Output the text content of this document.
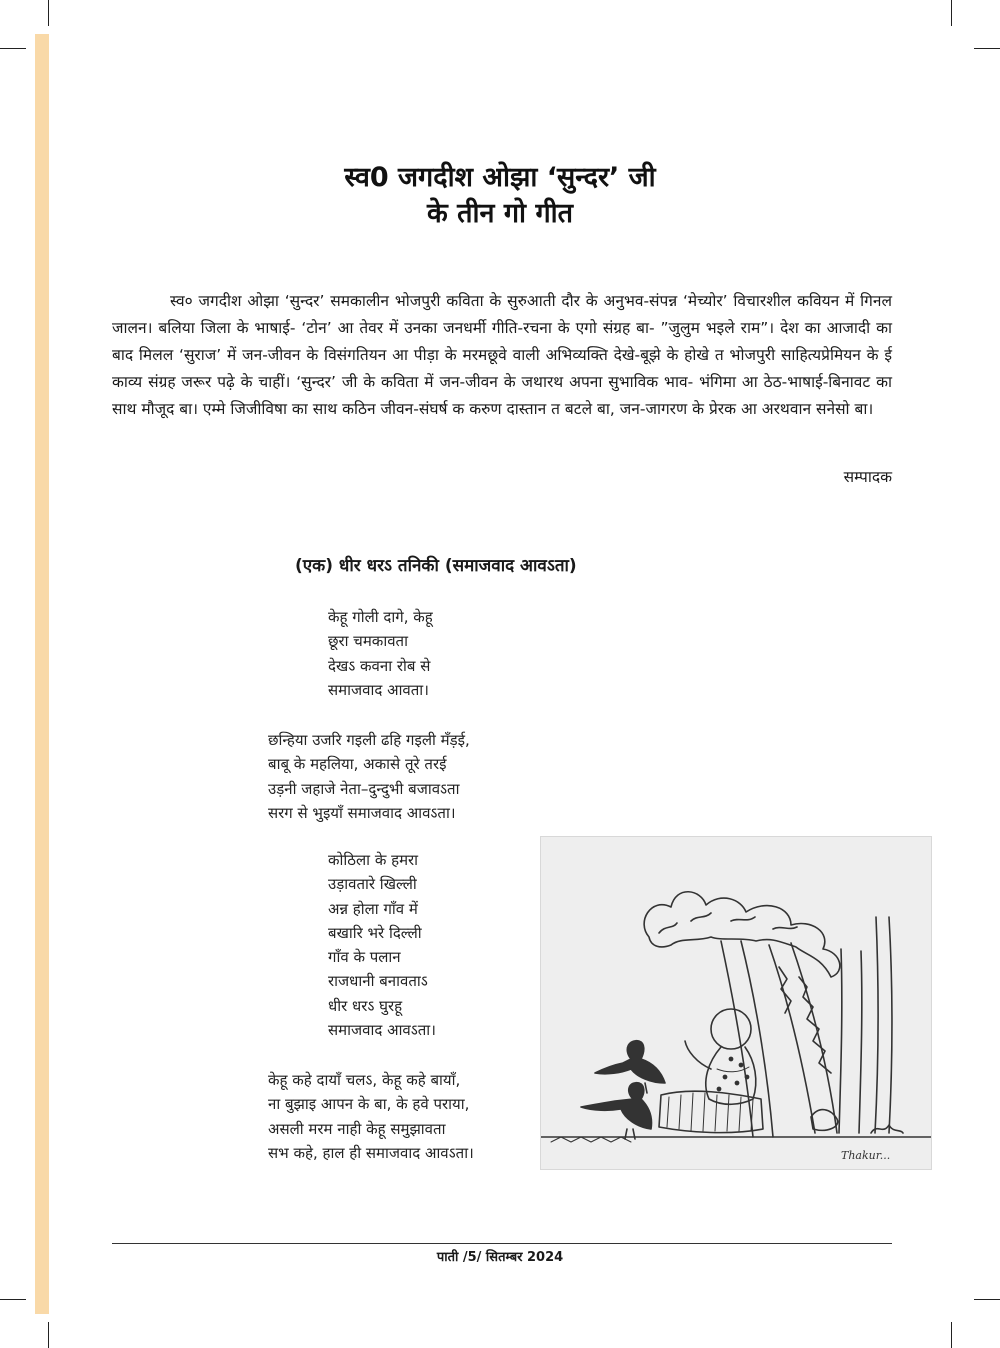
स्व0 जगदीश ओझा ‘सुन्दर’ जी
के तीन गो गीत

स्व० जगदीश ओझा ‘सुन्दर’ समकालीन भोजपुरी कविता के सुरुआती दौर के अनुभव-संपन्न ‘मेच्योर’ विचारशील कवियन में गिनल जालन। बलिया जिला के भाषाई- ‘टोन’ आ तेवर में उनका जनधर्मी गीति-रचना के एगो संग्रह बा- ”जुलुम भइले राम”। देश का आजादी का बाद मिलल ‘सुराज’ में जन-जीवन के विसंगतियन आ पीड़ा के मरमछूवे वाली अभिव्यक्ति देखे-बूझे के होखे त भोजपुरी साहित्यप्रेमियन के ई काव्य संग्रह जरूर पढ़े के चाहीं। ‘सुन्दर’ जी के कविता में जन-जीवन के जथारथ अपना सुभाविक भाव- भंगिमा आ ठेठ-भाषाई-बिनावट का साथ मौजूद बा। एम्मे जिजीविषा का साथ कठिन जीवन-संघर्ष क करुण दास्तान त बटले बा, जन-जागरण के प्रेरक आ अरथवान सनेसो बा।

सम्पादक
(एक) धीर धरऽ तनिकी (समाजवाद आवऽता)
केहू गोली दागे, केहू
छूरा चमकावता
देखऽ कवना रोब से
समाजवाद आवता।
छन्हिया उजरि गइली ढहि गइली मँड़ई,
बाबू के महलिया, अकासे तूरे तरई
उड़नी जहाजे नेता–दुन्दुभी बजावऽता
सरग से भुइयाँ समाजवाद आवऽता।
कोठिला के हमरा
उड़ावतारे खिल्ली
अन्न होला गाँव में
बखारि भरे दिल्ली
गाँव के पलान
राजधानी बनावताऽ
धीर धरऽ घुरहू
समाजवाद आवऽता।
केहू कहे दायाँ चलऽ, केहू कहे बायाँ,
ना बुझाइ आपन के बा, के हवे पराया,
असली मरम नाही केहू समुझावता
सभ कहे, हाल ही समाजवाद आवऽता।	Thakur...
पाती /5/ सितम्बर 2024
